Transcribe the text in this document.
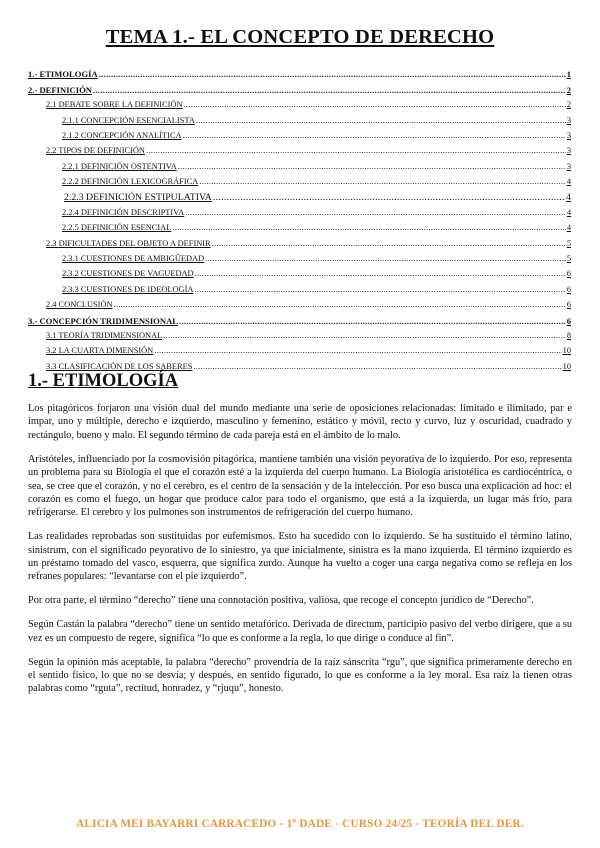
TEMA 1.- EL CONCEPTO DE DERECHO
1.- ETIMOLOGÍA .....	1
2.- DEFINICIÓN .....	2
2.1 DEBATE SOBRE LA DEFINICIÓN .....	2
2.1.1 CONCEPCIÓN ESENCIALISTA .....	3
2.1.2 CONCEPCIÓN ANALÍTICA .....	3
2.2 TIPOS DE DEFINICIÓN .....	3
2.2.1 DEFINICIÓN OSTENTIVA .....	3
2.2.2 DEFINICIÓN LEXICOGRÁFICA .....	4
2.2.3 DEFINICIÓN ESTIPULATIVA .....	4
2.2.4 DEFINICIÓN DESCRIPTIVA .....	4
2.2.5 DEFINICIÓN ESENCIAL .....	4
2.3 DIFICULTADES DEL OBJETO A DEFINIR .....	5
2.3.1 CUESTIONES DE AMBIGÜEDAD .....	5
2.3.2 CUESTIONES DE VAGUEDAD .....	6
2.3.3 CUESTIONES DE IDEOLOGÍA .....	6
2.4 CONCLUSIÓN .....	6
3.- CONCEPCIÓN TRIDIMENSIONAL .....	6
3.1 TEORÍA TRIDIMENSIONAL .....	8
3.2 LA CUARTA DIMENSIÓN .....	10
3.3 CLASIFICACIÓN DE LOS SABERES .....	10
1.- ETIMOLOGÍA

Los pitagóricos forjaron una visión dual del mundo mediante una serie de oposiciones relacionadas: limitado e ilimitado, par e impar, uno y múltiple, derecho e izquierdo, masculino y femenino, estático y móvil, recto y curvo, luz y oscuridad, cuadrado y rectángulo, bueno y malo. El segundo término de cada pareja está en el ámbito de lo malo.

Aristóteles, influenciado por la cosmovisión pitagórica, mantiene también una visión peyorativa de lo izquierdo. Por eso, representa un problema para su Biología el que el corazón esté a la izquierda del cuerpo humano. La Biología aristotélica es cardiocéntrica, o sea, se cree que el corazón, y no el cerebro, es el centro de la sensación y de la intelección. Por eso busca una explicación ad hoc: el corazón es como el fuego, un hogar que produce calor para todo el organismo, que está a la izquierda, un lugar más frío, para refrigerarse. El cerebro y los pulmones son instrumentos de refrigeración del cuerpo humano.

Las realidades reprobadas son sustituidas por eufemismos. Esto ha sucedido con lo izquierdo. Se ha sustituido el término latino, sinistrum, con el significado peyorativo de lo siniestro, ya que inicialmente, sinistra es la mano izquierda. El término izquierdo es un préstamo tomado del vasco, esquerra, que significa zurdo. Aunque ha vuelto a coger una carga negativa como se refleja en los refranes populares: “levantarse con el pie izquierdo”.

Por otra parte, el término “derecho” tiene una connotación positiva, valiosa, que recoge el concepto jurídico de “Derecho”.

Según Castán la palabra “derecho” tiene un sentido metafórico. Derivada de directum, participio pasivo del verbo dirigere, que a su vez es un compuesto de regere, significa “lo que es conforme a la regla, lo que dirige o conduce al fin”.

Según la opinión más aceptable, la palabra “derecho” provendría de la raíz sánscrita “rgu”, que significa primeramente derecho en el sentido físico, lo que no se desvía; y después, en sentido figurado, lo que es conforme a la ley moral. Esa raíz la tienen otras palabras como “rguta”, rectitud, honradez, y “rjuqu”, honesto.

ALICIA MEI BAYARRI CARRACEDO - 1º DADE - CURSO 24/25 - TEORÍA DEL DER.
